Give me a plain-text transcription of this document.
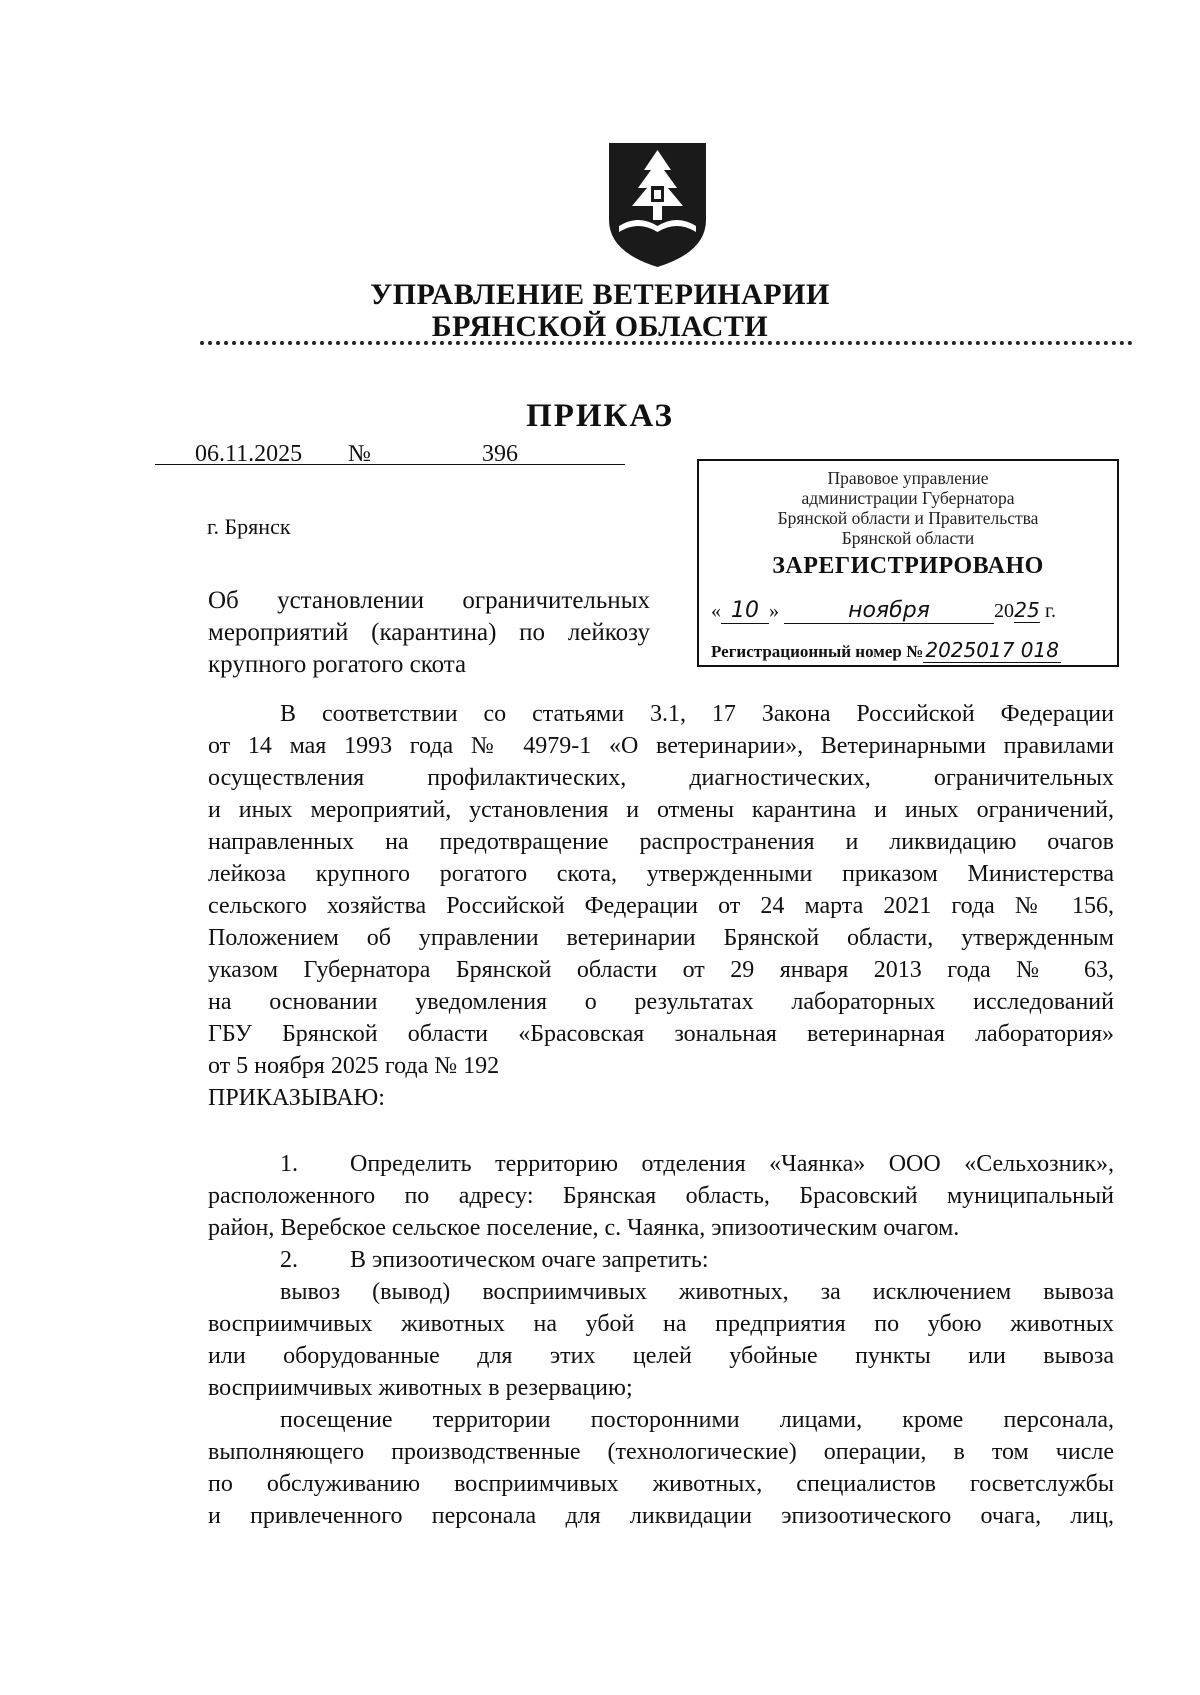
УПРАВЛЕНИЕ ВЕТЕРИНАРИИ
БРЯНСКОЙ ОБЛАСТИ
ПРИКАЗ
06.11.2025 №	396
г. Брянск
Об установлении ограничительных мероприятий (карантина) по лейкозу крупного рогатого скота
Правовое управление
администрации Губернатора
Брянской области и Правительства
Брянской области
ЗАРЕГИСТРИРОВАНО
« 10 »	ноября	2025 г.
Регистрационный номер № 2025017 018
В соответствии со статьями 3.1, 17 Закона Российской Федерации
от 14 мая 1993 года № 4979-1 «О ветеринарии», Ветеринарными правилами
осуществления профилактических, диагностических, ограничительных
и иных мероприятий, установления и отмены карантина и иных ограничений,
направленных на предотвращение распространения и ликвидацию очагов
лейкоза крупного рогатого скота, утвержденными приказом Министерства
сельского хозяйства Российской Федерации от 24 марта 2021 года № 156,
Положением об управлении ветеринарии Брянской области, утвержденным
указом Губернатора Брянской области от 29 января 2013 года № 63,
на основании уведомления о результатах лабораторных исследований
ГБУ Брянской области «Брасовская зональная ветеринарная лаборатория»
от 5 ноября 2025 года № 192
ПРИКАЗЫВАЮ:
1. Определить территорию отделения «Чаянка» ООО «Сельхозник»,
расположенного по адресу: Брянская область, Брасовский муниципальный
район, Веребское сельское поселение, с. Чаянка, эпизоотическим очагом.
2. В эпизоотическом очаге запретить:
вывоз (вывод) восприимчивых животных, за исключением вывоза
восприимчивых животных на убой на предприятия по убою животных
или оборудованные для этих целей убойные пункты или вывоза
восприимчивых животных в резервацию;
посещение территории посторонними лицами, кроме персонала,
выполняющего производственные (технологические) операции, в том числе
по обслуживанию восприимчивых животных, специалистов госветслужбы
и привлеченного персонала для ликвидации эпизоотического очага, лиц,
